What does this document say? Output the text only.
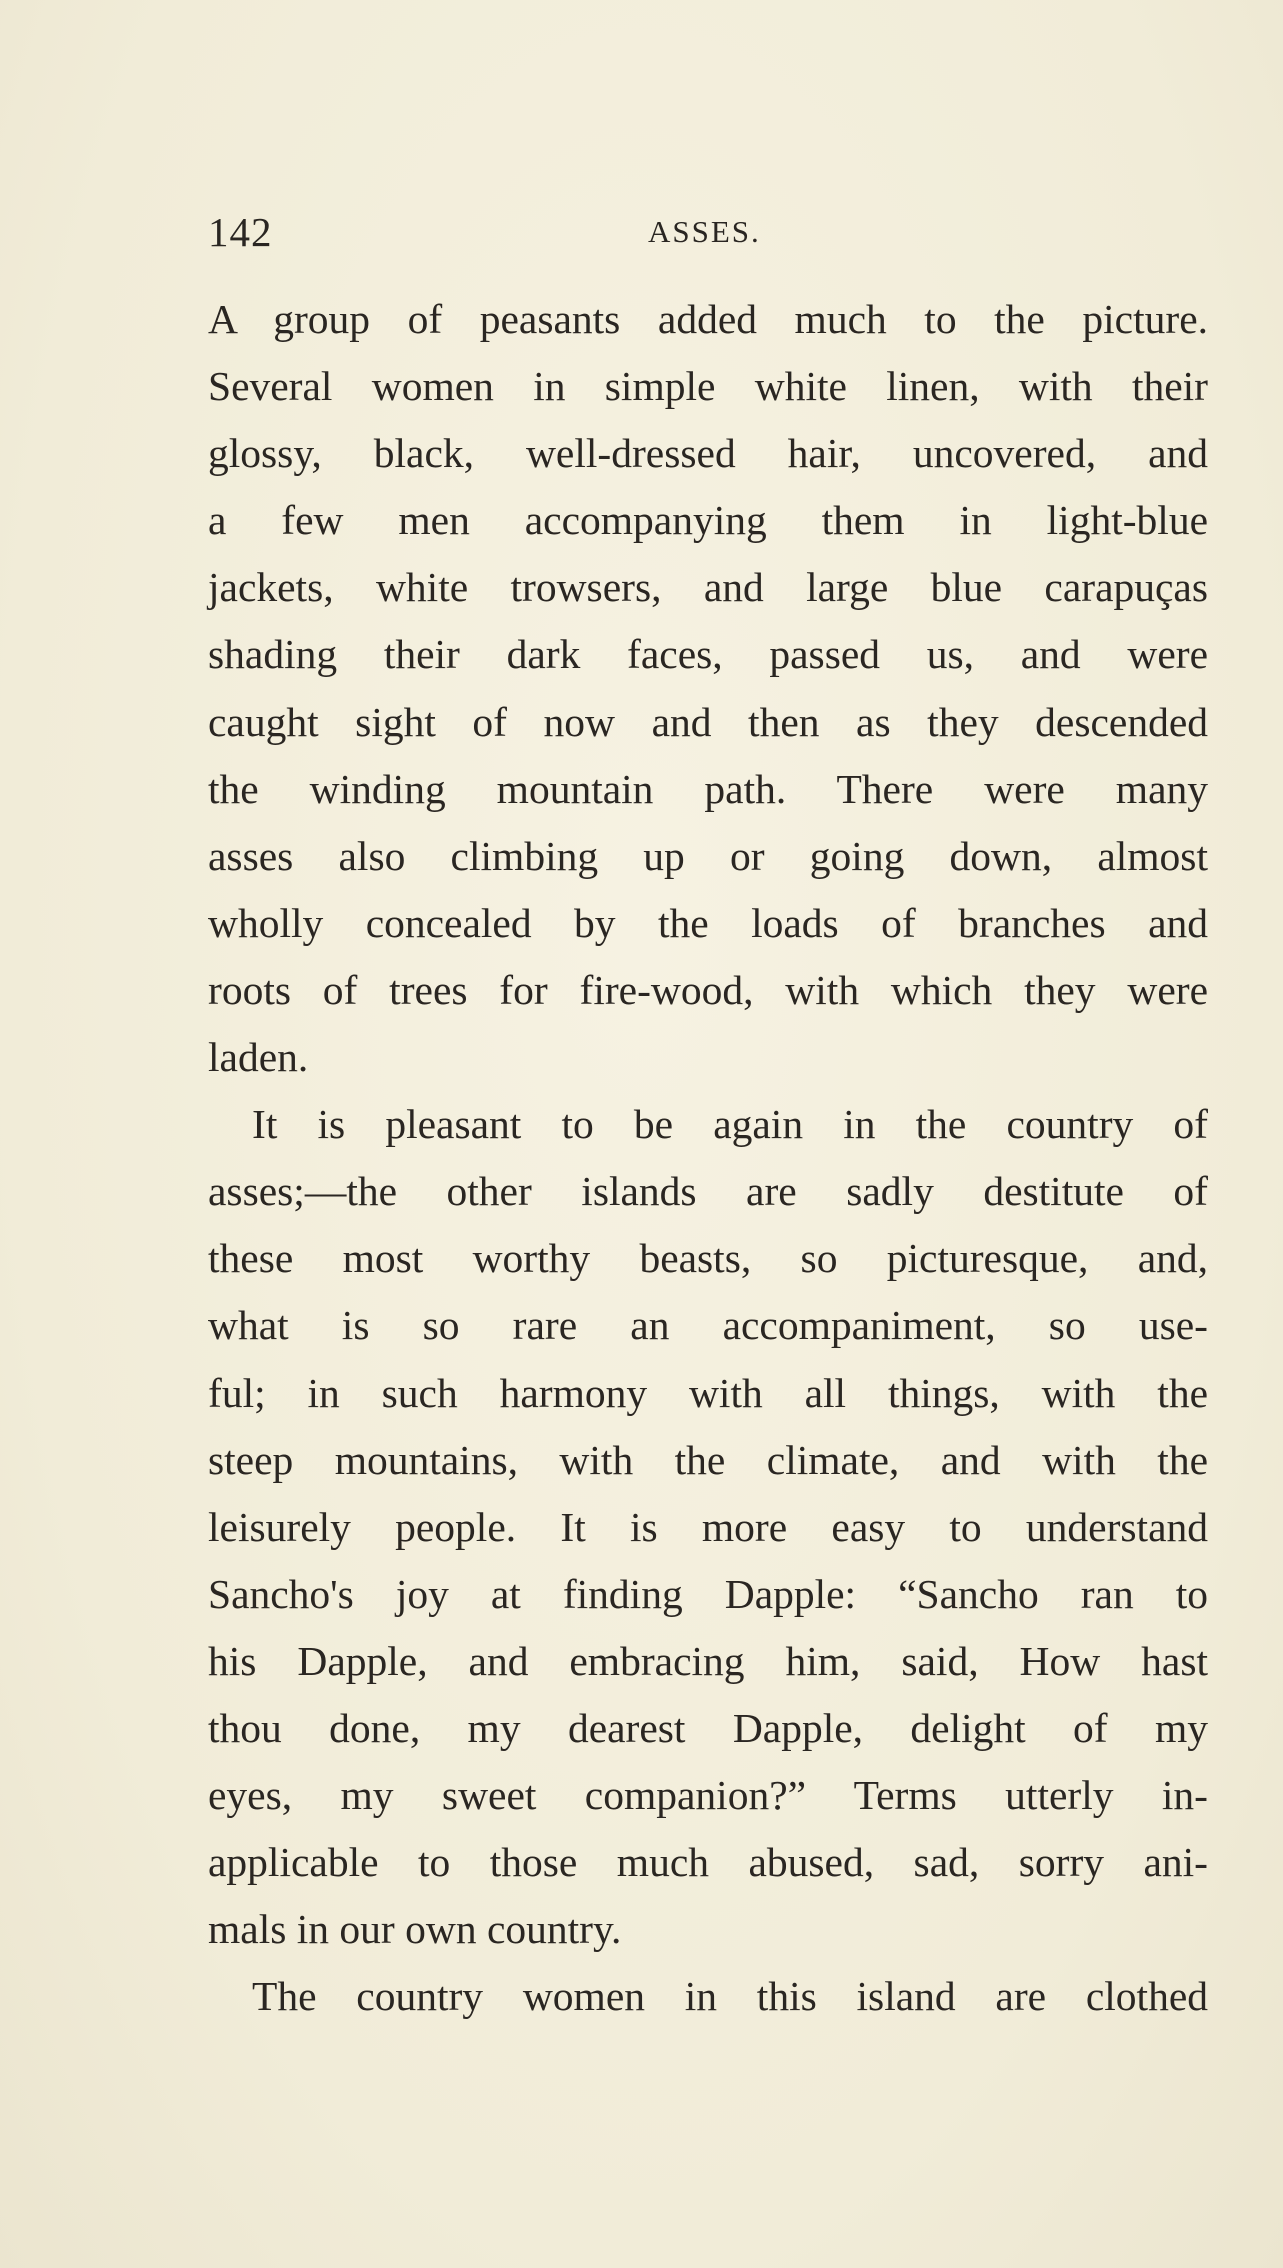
142	ASSES.
A group of peasants added much to the picture.
Several women in simple white linen, with their
glossy, black, well-dressed hair, uncovered, and
a few men accompanying them in light-blue
jackets, white trowsers, and large blue carapuças
shading their dark faces, passed us, and were
caught sight of now and then as they descended
the winding mountain path. There were many
asses also climbing up or going down, almost
wholly concealed by the loads of branches and
roots of trees for fire-wood, with which they were
laden.
It is pleasant to be again in the country of
asses;—the other islands are sadly destitute of
these most worthy beasts, so picturesque, and,
what is so rare an accompaniment, so use-
ful; in such harmony with all things, with the
steep mountains, with the climate, and with the
leisurely people. It is more easy to understand
Sancho's joy at finding Dapple: “Sancho ran to
his Dapple, and embracing him, said, How hast
thou done, my dearest Dapple, delight of my
eyes, my sweet companion?” Terms utterly in-
applicable to those much abused, sad, sorry ani-
mals in our own country.
The country women in this island are clothed
